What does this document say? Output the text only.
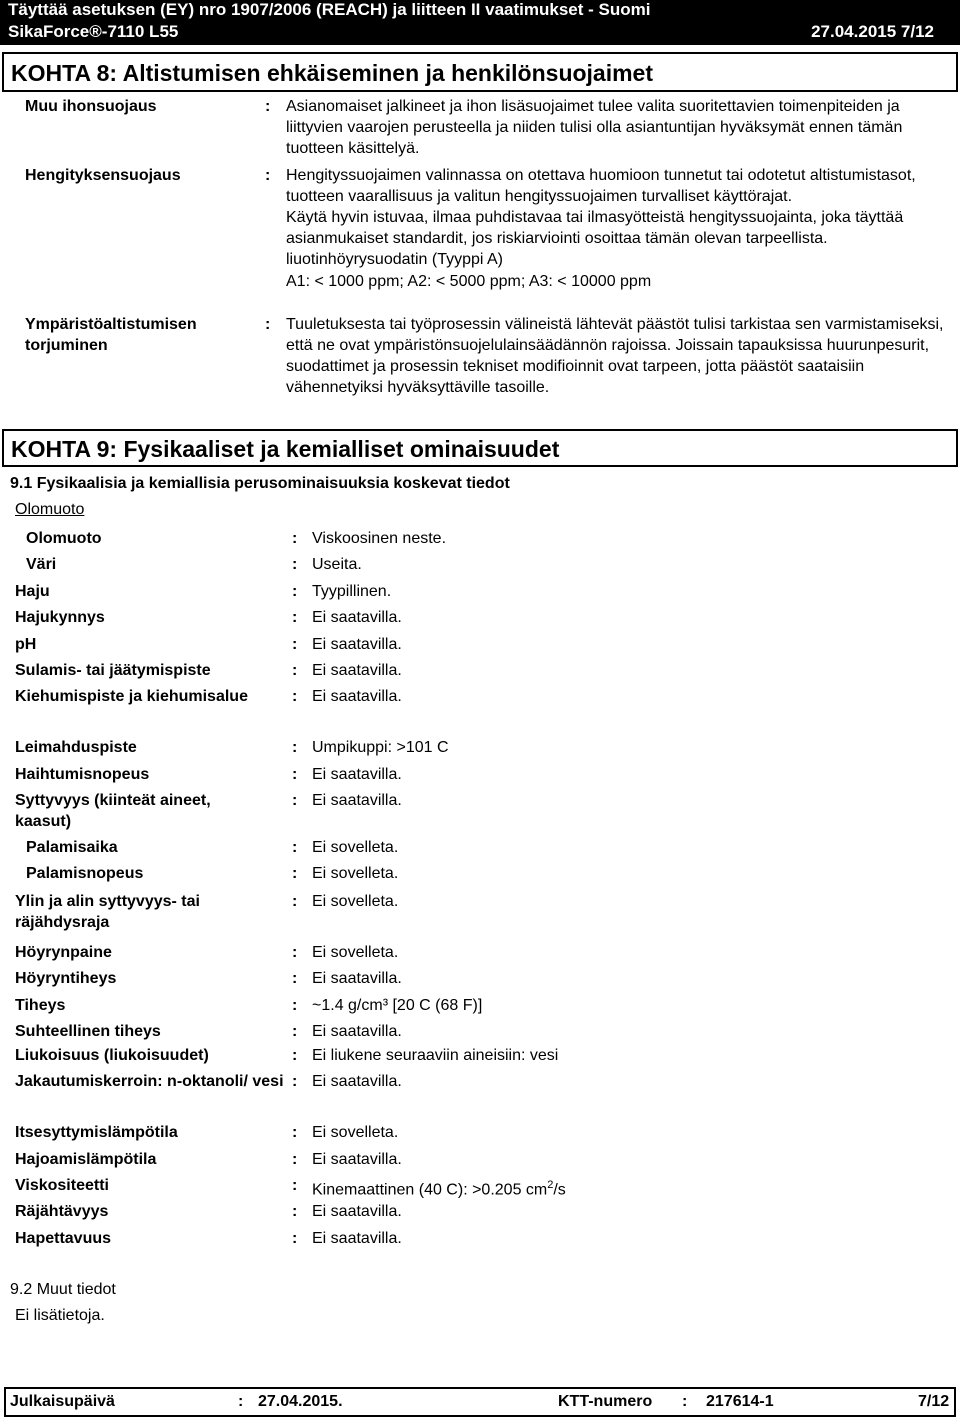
Täyttää asetuksen (EY) nro 1907/2006 (REACH) ja liitteen II vaatimukset - Suomi
SikaForce®-7110 L55	27.04.2015 7/12
KOHTA 8: Altistumisen ehkäiseminen ja henkilönsuojaimet
Muu ihonsuojaus	: Asianomaiset jalkineet ja ihon lisäsuojaimet tulee valita suoritettavien toimenpiteiden ja liittyvien vaarojen perusteella ja niiden tulisi olla asiantuntijan hyväksymät ennen tämän tuotteen käsittelyä.
Hengityksensuojaus	: Hengityssuojaimen valinnassa on otettava huomioon tunnetut tai odotetut altistumistasot, tuotteen vaarallisuus ja valitun hengityssuojaimen turvalliset käyttörajat.

Käytä hyvin istuvaa, ilmaa puhdistavaa tai ilmasyötteistä hengityssuojainta, joka täyttää asianmukaiset standardit, jos riskiarviointi osoittaa tämän olevan tarpeellista.

liuotinhöyrysuodatin (Tyyppi A)

A1: < 1000 ppm; A2: < 5000 ppm; A3: < 10000 ppm

Ympäristöaltistumisen
torjuminen
: Tuuletuksesta tai työprosessin välineistä lähtevät päästöt tulisi tarkistaa sen varmistamiseksi, että ne ovat ympäristönsuojelulainsäädännön rajoissa. Joissain tapauksissa huurunpesurit, suodattimet ja prosessin tekniset modifioinnit ovat tarpeen, jotta päästöt saataisiin vähennetyiksi hyväksyttäville tasoille.
KOHTA 9: Fysikaaliset ja kemialliset ominaisuudet
9.1 Fysikaalisia ja kemiallisia perusominaisuuksia koskevat tiedot
Olomuoto
Olomuoto	: Viskoosinen neste.
Väri	: Useita.
Haju	: Tyypillinen.
Hajukynnys	: Ei saatavilla.
pH	: Ei saatavilla.
Sulamis- tai jäätymispiste	: Ei saatavilla.
Kiehumispiste ja kiehumisalue	: Ei saatavilla.
Leimahduspiste	: Umpikuppi: >101 C
Haihtumisnopeus	: Ei saatavilla.
Syttyvyys (kiinteät aineet, kaasut)
: Ei saatavilla.
Palamisaika	: Ei sovelleta.
Palamisnopeus	: Ei sovelleta.
Ylin ja alin syttyvyys- tai räjähdysraja
: Ei sovelleta.
Höyrynpaine	: Ei sovelleta.
Höyryntiheys	: Ei saatavilla.
Tiheys	: ~1.4 g/cm³ [20 C (68 F)]
Suhteellinen tiheys	: Ei saatavilla.
Liukoisuus (liukoisuudet)	: Ei liukene seuraaviin aineisiin: vesi
Jakautumiskerroin: n-oktanoli/ vesi : Ei saatavilla.
Itsesyttymislämpötila	: Ei sovelleta.
Hajoamislämpötila	: Ei saatavilla.
Viskositeetti	: Kinemaattinen (40 C): >0.205 $cm^2/s$
Räjähtävyys	: Ei saatavilla.
Hapettavuus	: Ei saatavilla.
9.2 Muut tiedot
Ei lisätietoja.
Julkaisupäivä	: 27.04.2015.	KTT-numero : 217614-1	7/12
